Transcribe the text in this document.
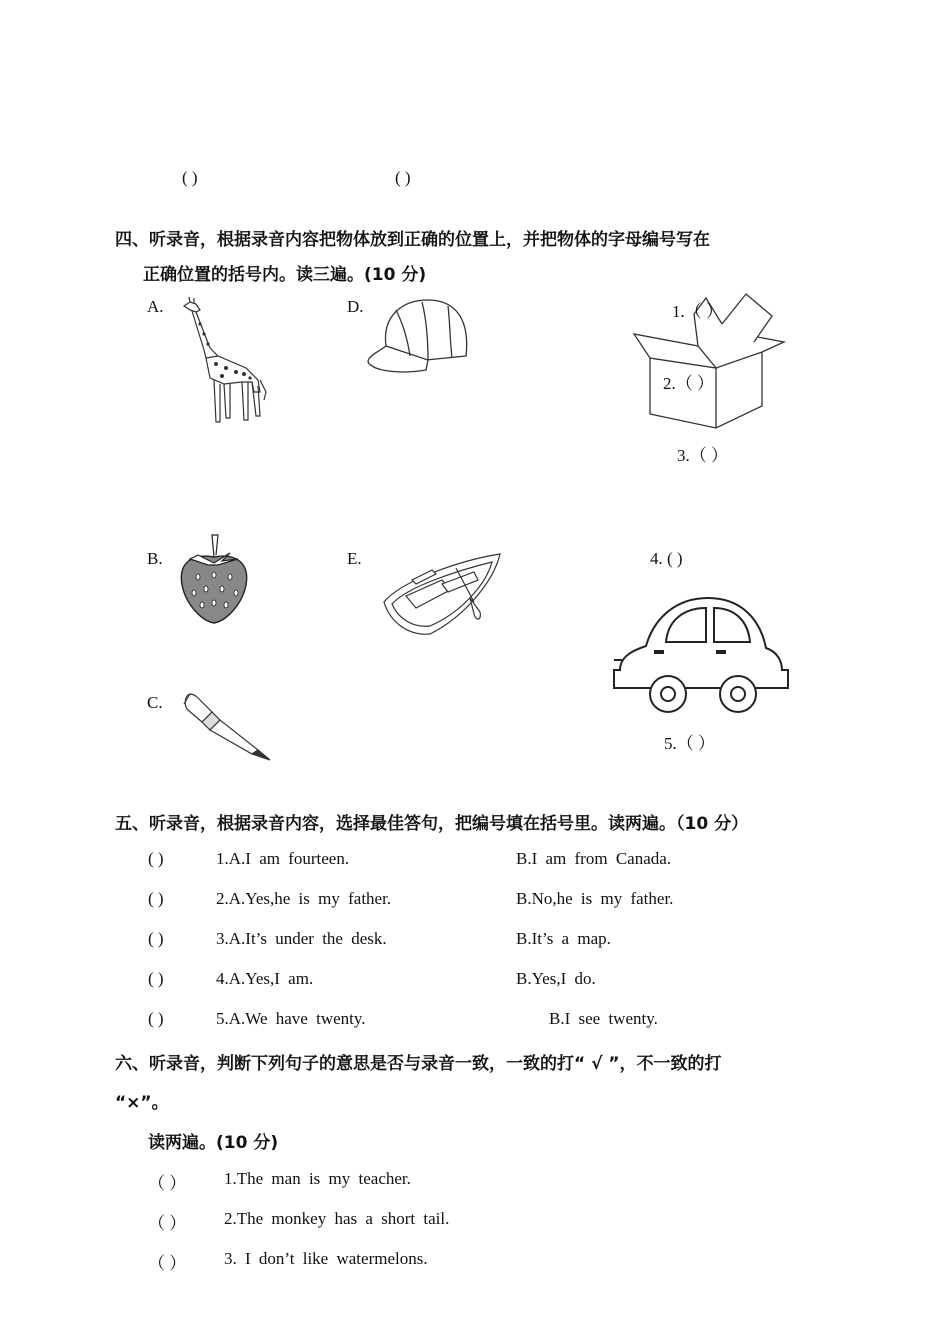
( )	( )
四、听录音，根据录音内容把物体放到正确的位置上，并把物体的字母编号写在
正确位置的括号内。读三遍。(10 分)
A.	D.	1.（ ）
2.（ ）
3.（ ）
B.	E.	4. ( )
C.
5.（ ）
五、听录音，根据录音内容，选择最佳答句，把编号填在括号里。读两遍。（10 分）
( )	1.A.I am fourteen.	B.I am from Canada.
( )	2.A.Yes,he is my father.	B.No,he is my father.
( )	3.A.It’s under the desk.	B.It’s a map.
( )	4.A.Yes,I am.	B.Yes,I do.
( )	5.A.We have twenty.	B.I see twenty.
六、听录音，判断下列句子的意思是否与录音一致，一致的打“ √ ”，不一致的打
“×”。
读两遍。(10 分)
（ ） 1.The man is my teacher.
（ ） 2.The monkey has a short tail.
（ ） 3. I don’t like watermelons.
